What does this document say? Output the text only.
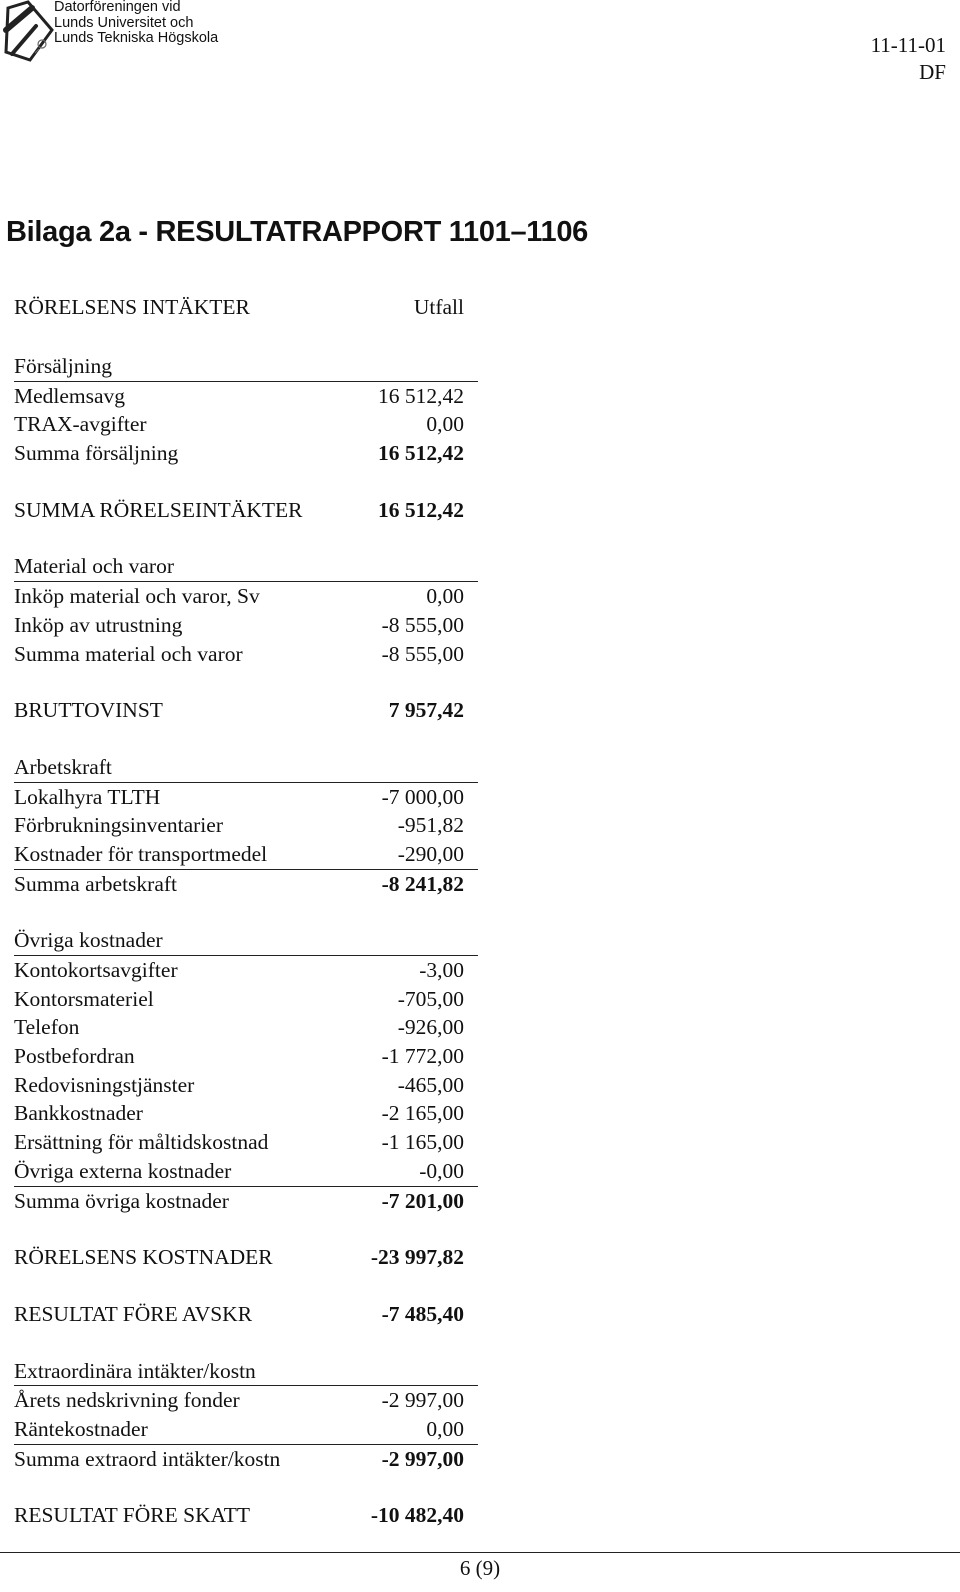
Datorföreningen vid
Lunds Universitet och
Lunds Tekniska Högskola	11-11-01
DF
Bilaga 2a - RESULTATRAPPORT 1101–1106
RÖRELSENS INTÄKTER	Utfall
Försäljning
Medlemsavg	16 512,42
TRAX-avgifter	0,00
Summa försäljning	16 512,42
SUMMA RÖRELSEINTÄKTER	16 512,42
Material och varor
Inköp material och varor, Sv	0,00
Inköp av utrustning	-8 555,00
Summa material och varor	-8 555,00
BRUTTOVINST	7 957,42
Arbetskraft
Lokalhyra TLTH	-7 000,00
Förbrukningsinventarier	-951,82
Kostnader för transportmedel	-290,00
Summa arbetskraft	-8 241,82
Övriga kostnader
Kontokortsavgifter	-3,00
Kontorsmateriel	-705,00
Telefon	-926,00
Postbefordran	-1 772,00
Redovisningstjänster	-465,00
Bankkostnader	-2 165,00
Ersättning för måltidskostnad	-1 165,00
Övriga externa kostnader	-0,00
Summa övriga kostnader	-7 201,00
RÖRELSENS KOSTNADER	-23 997,82
RESULTAT FÖRE AVSKR	-7 485,40
Extraordinära intäkter/kostn
Årets nedskrivning fonder	-2 997,00
Räntekostnader	0,00
Summa extraord intäkter/kostn	-2 997,00
RESULTAT FÖRE SKATT	-10 482,40
6 (9)
